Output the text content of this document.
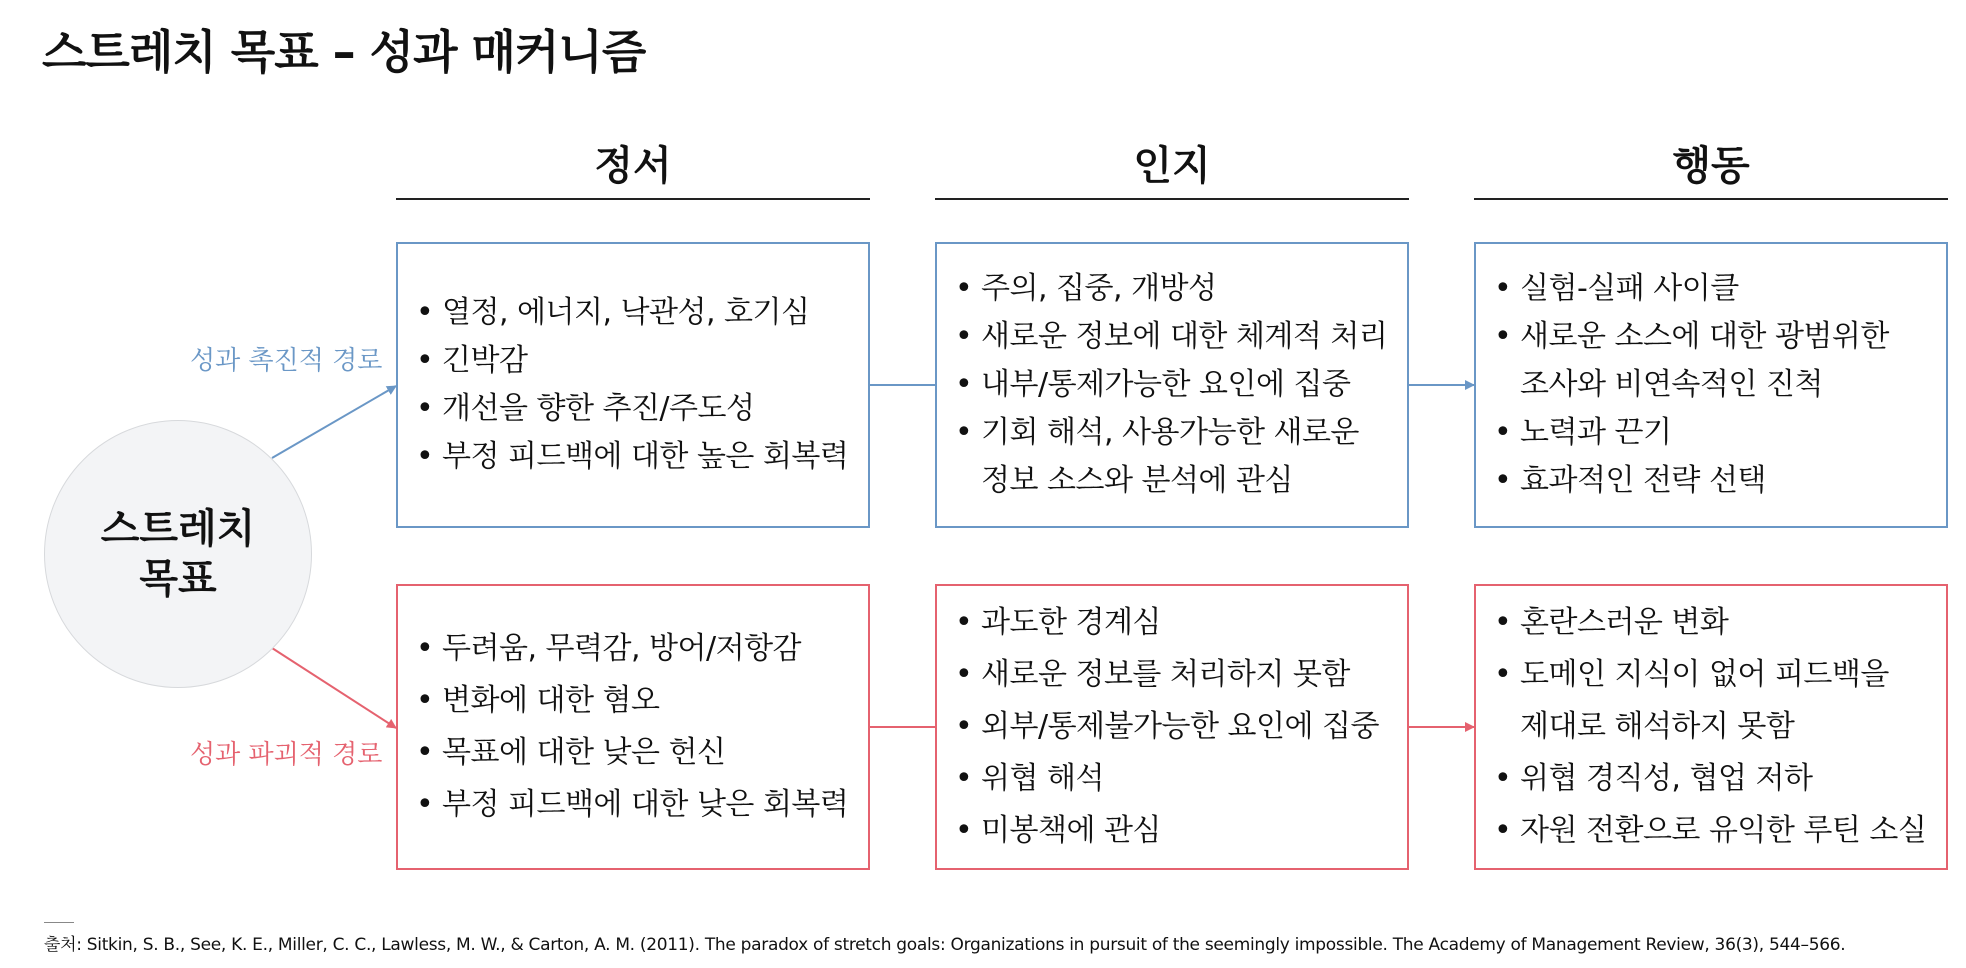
스트레치 목표 – 성과 매커니즘
정서	인지	행동
스트레치
목표
성과 촉진적 경로
성과 파괴적 경로
• 열정, 에너지, 낙관성, 호기심
• 긴박감
• 개선을 향한 추진/주도성
• 부정 피드백에 대한 높은 회복력
• 주의, 집중, 개방성
• 새로운 정보에 대한 체계적 처리
• 내부/통제가능한 요인에 집중
• 기회 해석, 사용가능한 새로운
정보 소스와 분석에 관심
• 실험-실패 사이클
• 새로운 소스에 대한 광범위한
조사와 비연속적인 진척
• 노력과 끈기
• 효과적인 전략 선택
• 두려움, 무력감, 방어/저항감
• 변화에 대한 혐오
• 목표에 대한 낮은 헌신
• 부정 피드백에 대한 낮은 회복력
• 과도한 경계심
• 새로운 정보를 처리하지 못함
• 외부/통제불가능한 요인에 집중
• 위협 해석
• 미봉책에 관심
• 혼란스러운 변화
• 도메인 지식이 없어 피드백을
제대로 해석하지 못함
• 위협 경직성, 협업 저하
• 자원 전환으로 유익한 루틴 소실
출처: Sitkin, S. B., See, K. E., Miller, C. C., Lawless, M. W., & Carton, A. M. (2011). The paradox of stretch goals: Organizations in pursuit of the seemingly impossible. The Academy of Management Review, 36(3), 544–566.
